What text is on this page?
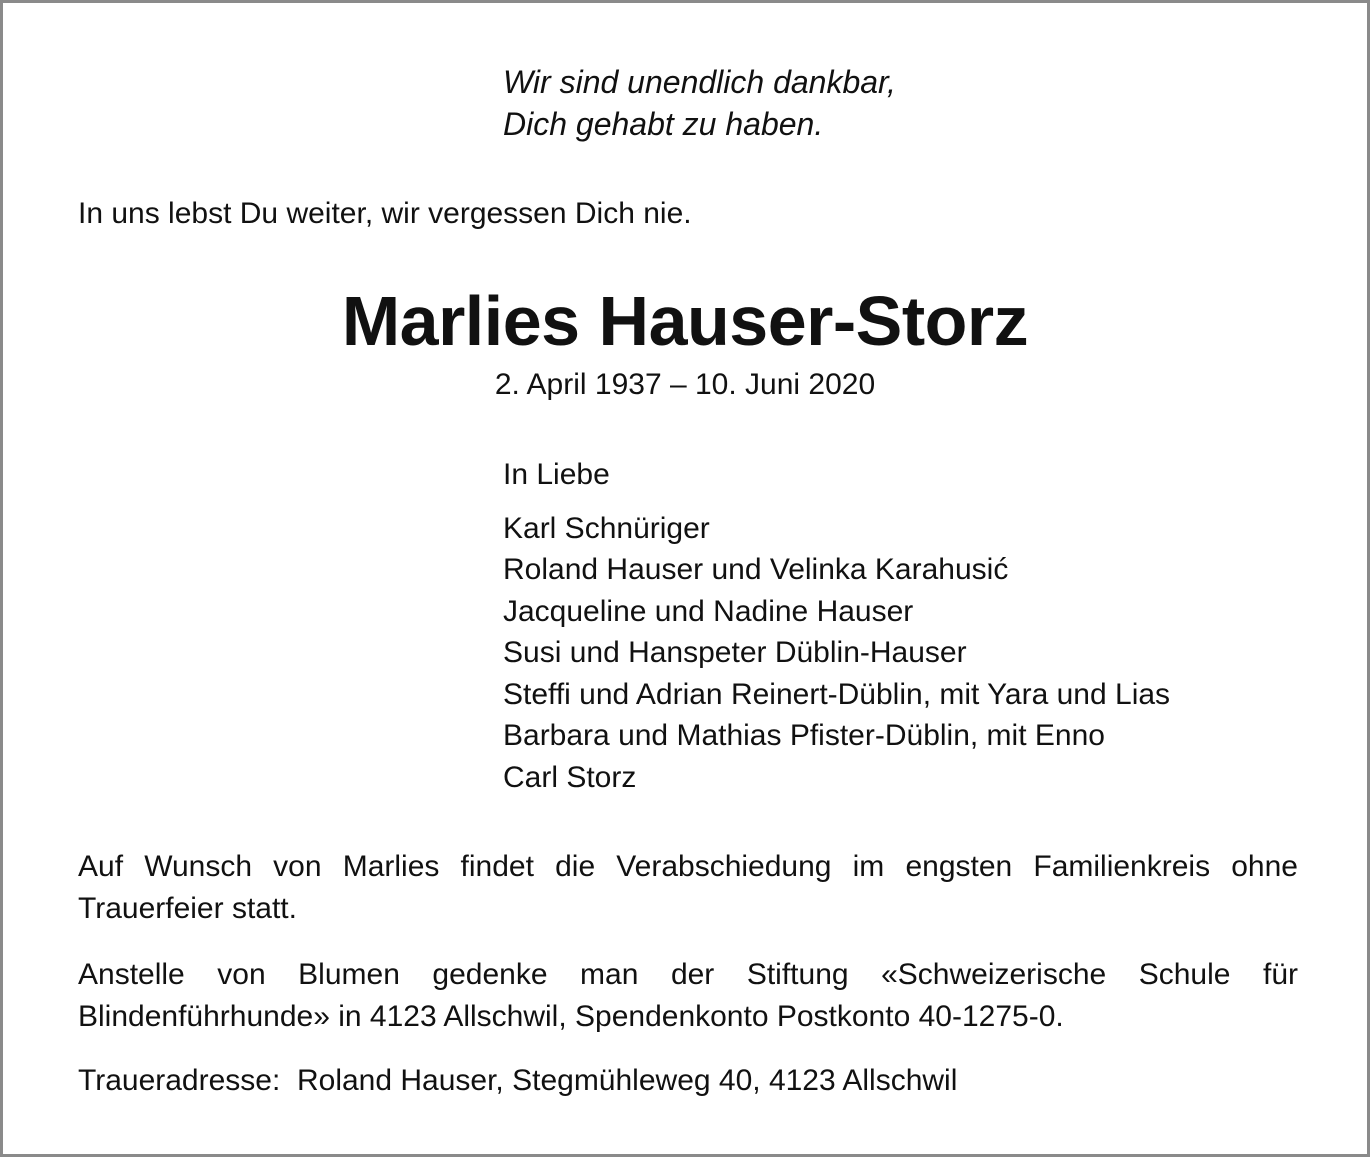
Wir sind unendlich dankbar,
Dich gehabt zu haben.
In uns lebst Du weiter, wir vergessen Dich nie.
Marlies Hauser-Storz
2. April 1937 – 10. Juni 2020
In Liebe
Karl Schnüriger
Roland Hauser und Velinka Karahusić
Jacqueline und Nadine Hauser
Susi und Hanspeter Düblin-Hauser
Steffi und Adrian Reinert-Düblin, mit Yara und Lias
Barbara und Mathias Pfister-Düblin, mit Enno
Carl Storz
Auf Wunsch von Marlies findet die Verabschiedung im engsten Familienkreis ohne Trauerfeier statt.
Anstelle von Blumen gedenke man der Stiftung «Schweizerische Schule für Blindenführhunde» in 4123 Allschwil, Spendenkonto Postkonto 40-1275-0.
Traueradresse:  Roland Hauser, Stegmühleweg 40, 4123 Allschwil
